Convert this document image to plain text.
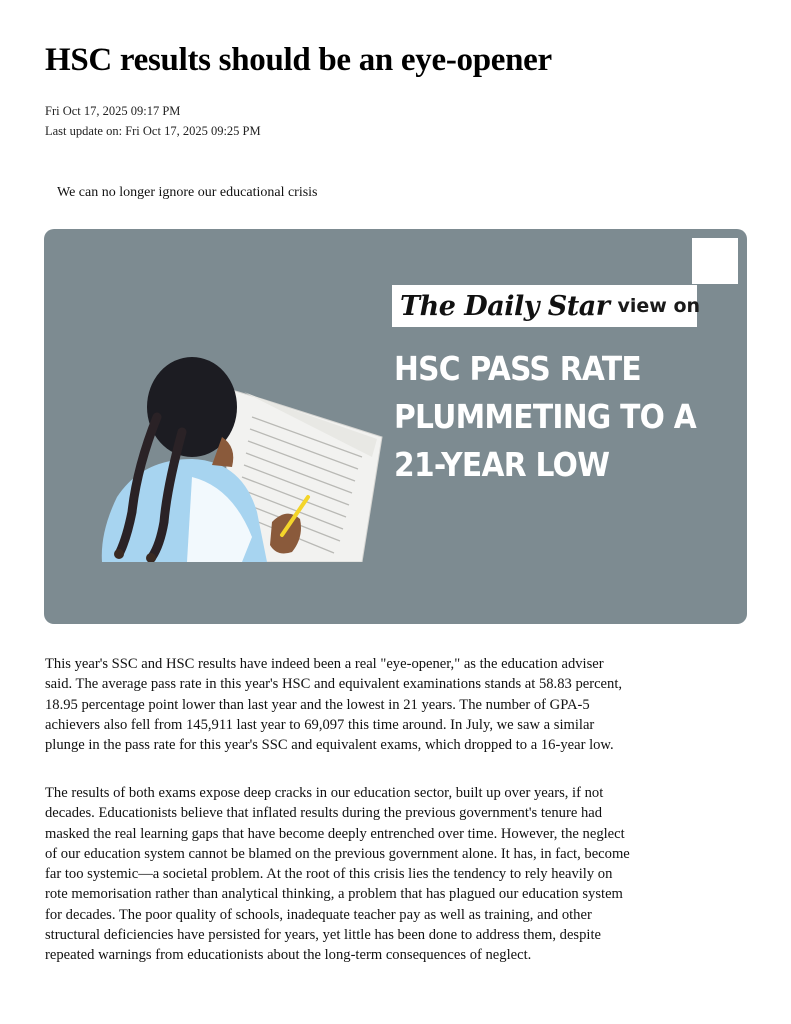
HSC results should be an eye-opener
Fri Oct 17, 2025 09:17 PM
Last update on: Fri Oct 17, 2025 09:25 PM
We can no longer ignore our educational crisis
The Daily Star view on
HSC PASS RATE
PLUMMETING TO A
21-YEAR LOW
This year's SSC and HSC results have indeed been a real "eye-opener," as the education adviser
said. The average pass rate in this year's HSC and equivalent examinations stands at 58.83 percent,
18.95 percentage point lower than last year and the lowest in 21 years. The number of GPA-5
achievers also fell from 145,911 last year to 69,097 this time around. In July, we saw a similar
plunge in the pass rate for this year's SSC and equivalent exams, which dropped to a 16-year low.
The results of both exams expose deep cracks in our education sector, built up over years, if not
decades. Educationists believe that inflated results during the previous government's tenure had
masked the real learning gaps that have become deeply entrenched over time. However, the neglect
of our education system cannot be blamed on the previous government alone. It has, in fact, become
far too systemic—a societal problem. At the root of this crisis lies the tendency to rely heavily on
rote memorisation rather than analytical thinking, a problem that has plagued our education system
for decades. The poor quality of schools, inadequate teacher pay as well as training, and other
structural deficiencies have persisted for years, yet little has been done to address them, despite
repeated warnings from educationists about the long-term consequences of neglect.
